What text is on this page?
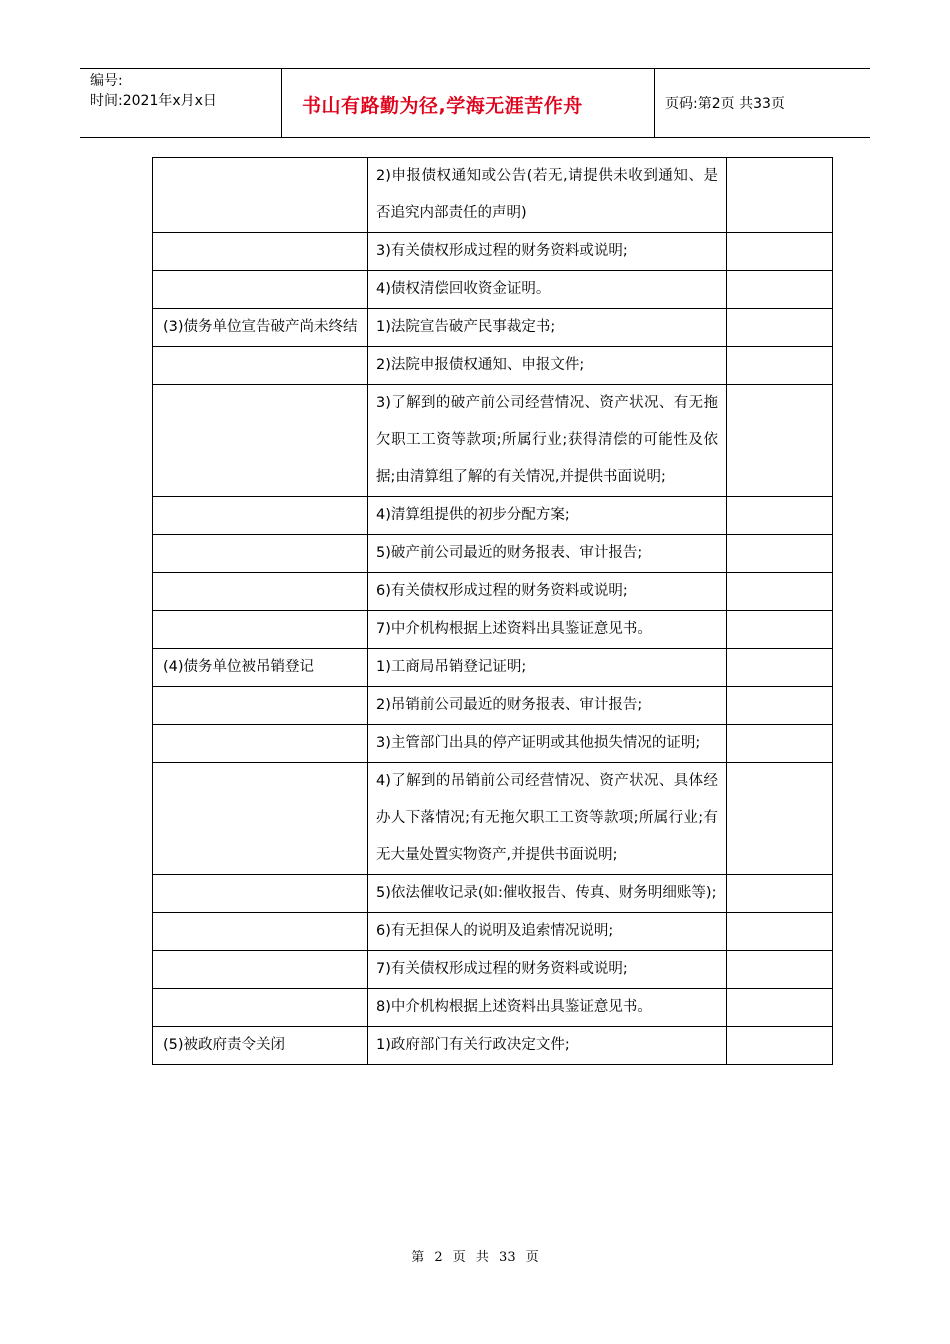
编号:
时间:2021年x月x日	书山有路勤为径,学海无涯苦作舟	页码:第2页 共33页

	2)申报债权通知或公告(若无,请提供未收到通知、是否追究内部责任的声明)	

	3)有关债权形成过程的财务资料或说明;	

	4)债权清偿回收资金证明。	

(3)债务单位宣告破产尚未终结	1)法院宣告破产民事裁定书;	

	2)法院申报债权通知、申报文件;	

	3)了解到的破产前公司经营情况、资产状况、有无拖欠职工工资等款项;所属行业;获得清偿的可能性及依据;由清算组了解的有关情况,并提供书面说明;	

	4)清算组提供的初步分配方案;	

	5)破产前公司最近的财务报表、审计报告;	

	6)有关债权形成过程的财务资料或说明;	

	7)中介机构根据上述资料出具鉴证意见书。	

(4)债务单位被吊销登记	1)工商局吊销登记证明;	

	2)吊销前公司最近的财务报表、审计报告;	

	3)主管部门出具的停产证明或其他损失情况的证明;	

	4)了解到的吊销前公司经营情况、资产状况、具体经办人下落情况;有无拖欠职工工资等款项;所属行业;有无大量处置实物资产,并提供书面说明;	

	5)依法催收记录(如:催收报告、传真、财务明细账等);	

	6)有无担保人的说明及追索情况说明;	

	7)有关债权形成过程的财务资料或说明;	

	8)中介机构根据上述资料出具鉴证意见书。	

(5)被政府责令关闭	1)政府部门有关行政决定文件;	

第 2 页 共 33 页
